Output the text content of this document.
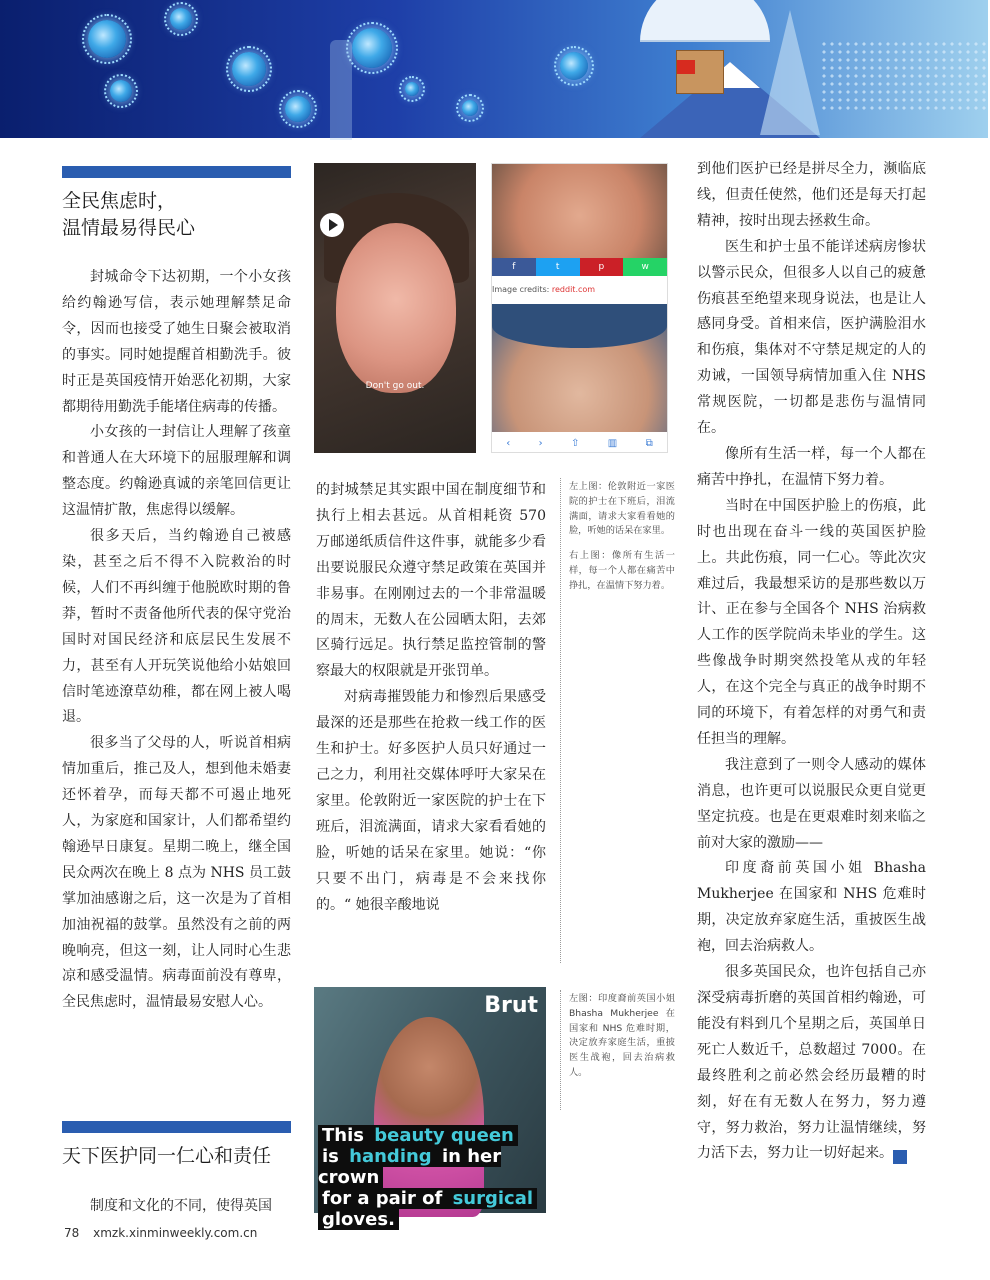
全民焦虑时，
温情最易得民心

封城命令下达初期，一个小女孩给约翰逊写信，表示她理解禁足命令，因而也接受了她生日聚会被取消的事实。同时她提醒首相勤洗手。彼时正是英国疫情开始恶化初期，大家都期待用勤洗手能堵住病毒的传播。

小女孩的一封信让人理解了孩童和普通人在大环境下的屈服理解和调整态度。约翰逊真诚的亲笔回信更让这温情扩散，焦虑得以缓解。

很多天后，当约翰逊自己被感染，甚至之后不得不入院救治的时候，人们不再纠缠于他脱欧时期的鲁莽，暂时不责备他所代表的保守党治国时对国民经济和底层民生发展不力，甚至有人开玩笑说他给小姑娘回信时笔迹潦草幼稚，都在网上被人喝退。

很多当了父母的人，听说首相病情加重后，推己及人，想到他未婚妻还怀着孕，而每天都不可遏止地死人，为家庭和国家计，人们都希望约翰逊早日康复。星期二晚上，继全国民众两次在晚上 8 点为 NHS 员工鼓掌加油感谢之后，这一次是为了首相加油祝福的鼓掌。虽然没有之前的两晚响亮，但这一刻，让人同时心生悲凉和感受温情。病毒面前没有尊卑，全民焦虑时，温情最易安慰人心。

天下医护同一仁心和责任

制度和文化的不同，使得英国

Don't go out.
f	t	p	w
Image credits: reddit.com
‹	›	⇧	▥	⧉

的封城禁足其实跟中国在制度细节和执行上相去甚远。从首相耗资 570 万邮递纸质信件这件事，就能多少看出要说服民众遵守禁足政策在英国并非易事。在刚刚过去的一个非常温暖的周末，无数人在公园晒太阳，去郊区骑行远足。执行禁足监控管制的警察最大的权限就是开张罚单。

对病毒摧毁能力和惨烈后果感受最深的还是那些在抢救一线工作的医生和护士。好多医护人员只好通过一己之力，利用社交媒体呼吁大家呆在家里。伦敦附近一家医院的护士在下班后，泪流满面，请求大家看看她的脸，听她的话呆在家里。她说：“你只要不出门，病毒是不会来找你的。“ 她很辛酸地说

左上图：伦敦附近一家医院的护士在下班后，泪流满面，请求大家看看她的脸，听她的话呆在家里。

右上图：像所有生活一样，每一个人都在痛苦中挣扎，在温情下努力着。

左图：印度裔前英国小姐 Bhasha Mukherjee 在国家和 NHS 危难时期，决定放弃家庭生活，重披医生战袍，回去治病救人。

Brut
This beauty queen
is handing in her crown
for a pair of surgical
gloves.

到他们医护已经是拼尽全力，濒临底线，但责任使然，他们还是每天打起精神，按时出现去拯救生命。

医生和护士虽不能详述病房惨状以警示民众，但很多人以自己的疲惫伤痕甚至绝望来现身说法，也是让人感同身受。首相来信，医护满脸泪水和伤痕，集体对不守禁足规定的人的劝诫，一国领导病情加重入住 NHS 常规医院，一切都是悲伤与温情同在。

像所有生活一样，每一个人都在痛苦中挣扎，在温情下努力着。

当时在中国医护脸上的伤痕，此时也出现在奋斗一线的英国医护脸上。共此伤痕，同一仁心。等此次灾难过后，我最想采访的是那些数以万计、正在参与全国各个 NHS 治病救人工作的医学院尚未毕业的学生。这些像战争时期突然投笔从戎的年轻人，在这个完全与真正的战争时期不同的环境下，有着怎样的对勇气和责任担当的理解。

我注意到了一则令人感动的媒体消息，也许更可以说服民众更自觉更坚定抗疫。也是在更艰难时刻来临之前对大家的激励——

印度裔前英国小姐 Bhasha Mukherjee 在国家和 NHS 危难时期，决定放弃家庭生活，重披医生战袍，回去治病救人。

很多英国民众，也许包括自己亦深受病毒折磨的英国首相约翰逊，可能没有料到几个星期之后，英国单日死亡人数近千，总数超过 7000。在最终胜利之前必然会经历最糟的时刻，好在有无数人在努力，努力遵守，努力救治，努力让温情继续，努力活下去，努力让一切好起来。	X

78 xmzk.xinminweekly.com.cn
